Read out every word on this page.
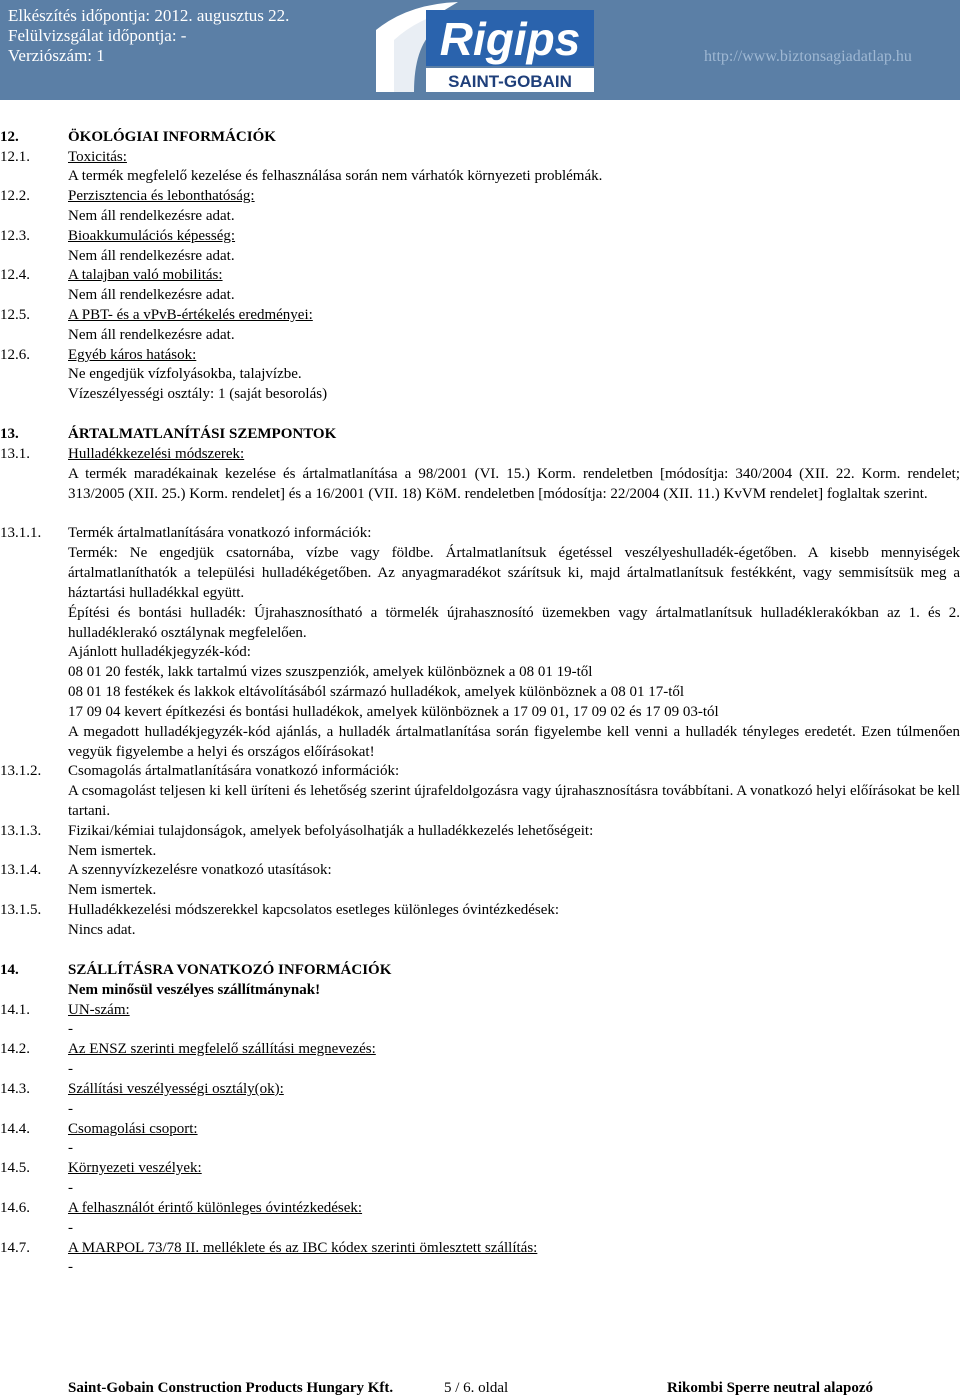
Elkészítés időpontja: 2012. augusztus 22.
Felülvizsgálat időpontja: -
Verziószám: 1	Rigips
SAINT-GOBAIN
http://www.biztonsagiadatlap.hu
12.	ÖKOLÓGIAI INFORMÁCIÓK
12.1.	Toxicitás:
A termék megfelelő kezelése és felhasználása során nem várhatók környezeti problémák.
12.2.	Perzisztencia és lebonthatóság:
Nem áll rendelkezésre adat.
12.3.	Bioakkumulációs képesség:
Nem áll rendelkezésre adat.
12.4.	A talajban való mobilitás:
Nem áll rendelkezésre adat.
12.5.	A PBT- és a vPvB-értékelés eredményei:
Nem áll rendelkezésre adat.
12.6.	Egyéb káros hatások:
Ne engedjük vízfolyásokba, talajvízbe.
Vízeszélyességi osztály: 1 (saját besorolás)
13.	ÁRTALMATLANÍTÁSI SZEMPONTOK
13.1.	Hulladékkezelési módszerek:
A termék maradékainak kezelése és ártalmatlanítása a 98/2001 (VI. 15.) Korm. rendeletben [módosítja: 340/2004 (XII. 22. Korm. rendelet; 313/2005 (XII. 25.) Korm. rendelet] és a 16/2001 (VII. 18) KöM. rendeletben [módosítja: 22/2004 (XII. 11.) KvVM rendelet] foglaltak szerint.
13.1.1. Termék ártalmatlanítására vonatkozó információk:
Termék: Ne engedjük csatornába, vízbe vagy földbe. Ártalmatlanítsuk égetéssel veszélyeshulladék-égetőben. A kisebb mennyiségek ártalmatlaníthatók a települési hulladékégetőben. Az anyagmaradékot szárítsuk ki, majd ártalmatlanítsuk festékként, vagy semmisítsük meg a háztartási hulladékkal együtt.
Építési és bontási hulladék: Újrahasznosítható a törmelék újrahasznosító üzemekben vagy ártalmatlanítsuk hulladéklerakókban az 1. és 2. hulladéklerakó osztálynak megfelelően.
Ajánlott hulladékjegyzék-kód:
08 01 20 festék, lakk tartalmú vizes szuszpenziók, amelyek különböznek a 08 01 19-től
08 01 18 festékek és lakkok eltávolításából származó hulladékok, amelyek különböznek a 08 01 17-től
17 09 04 kevert építkezési és bontási hulladékok, amelyek különböznek a 17 09 01, 17 09 02 és 17 09 03-tól
A megadott hulladékjegyzék-kód ajánlás, a hulladék ártalmatlanítása során figyelembe kell venni a hulladék tényleges eredetét. Ezen túlmenően vegyük figyelembe a helyi és országos előírásokat!
13.1.2. Csomagolás ártalmatlanítására vonatkozó információk:
A csomagolást teljesen ki kell üríteni és lehetőség szerint újrafeldolgozásra vagy újrahasznosításra továbbítani. A vonatkozó helyi előírásokat be kell tartani.
13.1.3. Fizikai/kémiai tulajdonságok, amelyek befolyásolhatják a hulladékkezelés lehetőségeit:
Nem ismertek.
13.1.4. A szennyvízkezelésre vonatkozó utasítások:
Nem ismertek.
13.1.5. Hulladékkezelési módszerekkel kapcsolatos esetleges különleges óvintézkedések:
Nincs adat.
14.	SZÁLLÍTÁSRA VONATKOZÓ INFORMÁCIÓK
Nem minősül veszélyes szállítmánynak!
14.1.	UN-szám:
-
14.2.	Az ENSZ szerinti megfelelő szállítási megnevezés:
-
14.3.	Szállítási veszélyességi osztály(ok):
-
14.4.	Csomagolási csoport:
-
14.5.	Környezeti veszélyek:
-
14.6.	A felhasználót érintő különleges óvintézkedések:
-
14.7.	A MARPOL 73/78 II. melléklete és az IBC kódex szerinti ömlesztett szállítás:
-
Saint-Gobain Construction Products Hungary Kft.	5 / 6. oldal	Rikombi Sperre neutral alapozó
